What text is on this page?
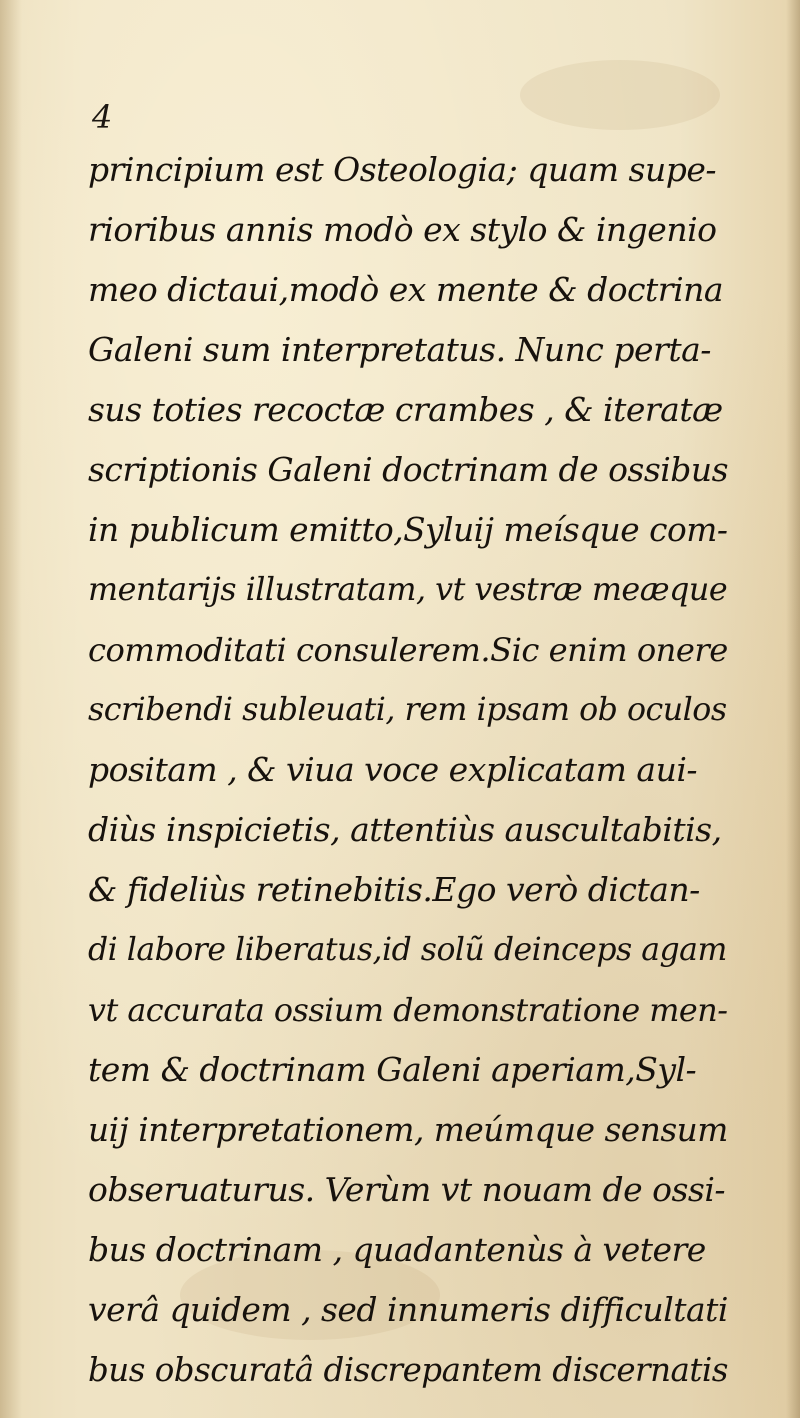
4
principium est Osteologia; quam supe-
rioribus annis modò ex stylo & ingenio
meo dictaui,modò ex mente & doctrina
Galeni sum interpretatus. Nunc perta-
sus toties recoctæ crambes , & iteratæ
scriptionis Galeni doctrinam de ossibus
in publicum emitto,Syluij meísque com-
mentarijs illustratam, vt vestræ meæque
commoditati consulerem.Sic enim onere
scribendi subleuati, rem ipsam ob oculos
positam , & viua voce explicatam aui-
diùs inspicietis, attentiùs auscultabitis,
& fideliùs retinebitis.Ego verò dictan-
di labore liberatus,id solũ deinceps agam
vt accurata ossium demonstratione men-
tem & doctrinam Galeni aperiam,Syl-
uij interpretationem, meúmque sensum
obseruaturus. Verùm vt nouam de ossi-
bus doctrinam , quadantenùs à vetere
verâ quidem , sed innumeris difficultati
bus obscuratâ discrepantem discernatis
